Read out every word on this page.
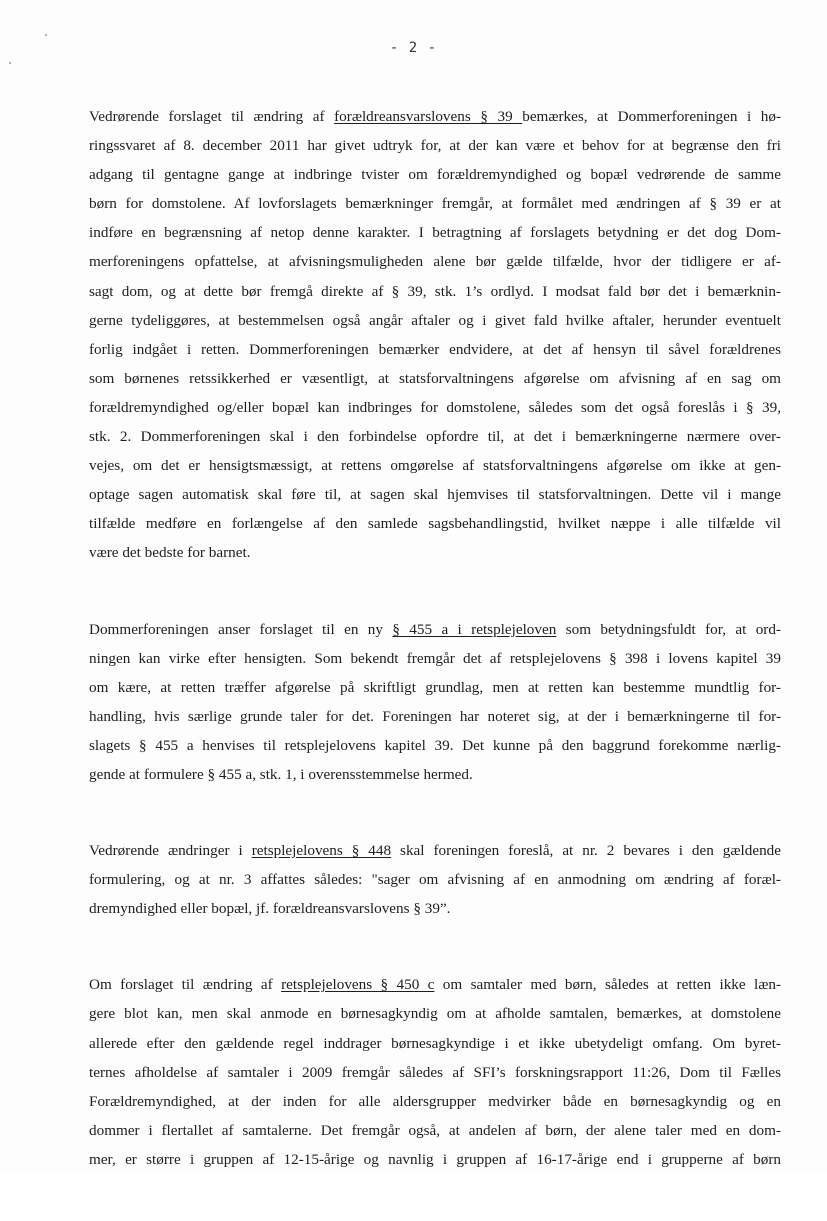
- 2 -

Vedrørende forslaget til ændring af forældreansvarslovens § 39 bemærkes, at Dommerforeningen i hø-
ringssvaret af 8. december 2011 har givet udtryk for, at der kan være et behov for at begrænse den fri
adgang til gentagne gange at indbringe tvister om forældremyndighed og bopæl vedrørende de samme
børn for domstolene. Af lovforslagets bemærkninger fremgår, at formålet med ændringen af § 39 er at
indføre en begrænsning af netop denne karakter. I betragtning af forslagets betydning er det dog Dom-
merforeningens opfattelse, at afvisningsmuligheden alene bør gælde tilfælde, hvor der tidligere er af-
sagt dom, og at dette bør fremgå direkte af § 39, stk. 1’s ordlyd. I modsat fald bør det i bemærknin-
gerne tydeliggøres, at bestemmelsen også angår aftaler og i givet fald hvilke aftaler, herunder eventuelt
forlig indgået i retten. Dommerforeningen bemærker endvidere, at det af hensyn til såvel forældrenes
som børnenes retssikkerhed er væsentligt, at statsforvaltningens afgørelse om afvisning af en sag om
forældremyndighed og/eller bopæl kan indbringes for domstolene, således som det også foreslås i § 39,
stk. 2. Dommerforeningen skal i den forbindelse opfordre til, at det i bemærkningerne nærmere over-
vejes, om det er hensigtsmæssigt, at rettens omgørelse af statsforvaltningens afgørelse om ikke at gen-
optage sagen automatisk skal føre til, at sagen skal hjemvises til statsforvaltningen. Dette vil i mange
tilfælde medføre en forlængelse af den samlede sagsbehandlingstid, hvilket næppe i alle tilfælde vil
være det bedste for barnet.

Dommerforeningen anser forslaget til en ny § 455 a i retsplejeloven som betydningsfuldt for, at ord-
ningen kan virke efter hensigten. Som bekendt fremgår det af retsplejelovens § 398 i lovens kapitel 39
om kære, at retten træffer afgørelse på skriftligt grundlag, men at retten kan bestemme mundtlig for-
handling, hvis særlige grunde taler for det. Foreningen har noteret sig, at der i bemærkningerne til for-
slagets § 455 a henvises til retsplejelovens kapitel 39. Det kunne på den baggrund forekomme nærlig-
gende at formulere § 455 a, stk. 1, i overensstemmelse hermed.

Vedrørende ændringer i retsplejelovens § 448 skal foreningen foreslå, at nr. 2 bevares i den gældende
formulering, og at nr. 3 affattes således: "sager om afvisning af en anmodning om ændring af foræl-
dremyndighed eller bopæl, jf. forældreansvarslovens § 39”.

Om forslaget til ændring af retsplejelovens § 450 c om samtaler med børn, således at retten ikke læn-
gere blot kan, men skal anmode en børnesagkyndig om at afholde samtalen, bemærkes, at domstolene
allerede efter den gældende regel inddrager børnesagkyndige i et ikke ubetydeligt omfang. Om byret-
ternes afholdelse af samtaler i 2009 fremgår således af SFI’s forskningsrapport 11:26, Dom til Fælles
Forældremyndighed, at der inden for alle aldersgrupper medvirker både en børnesagkyndig og en
dommer i flertallet af samtalerne. Det fremgår også, at andelen af børn, der alene taler med en dom-
mer, er større i gruppen af 12-15-årige og navnlig i gruppen af 16-17-årige end i grupperne af børn
